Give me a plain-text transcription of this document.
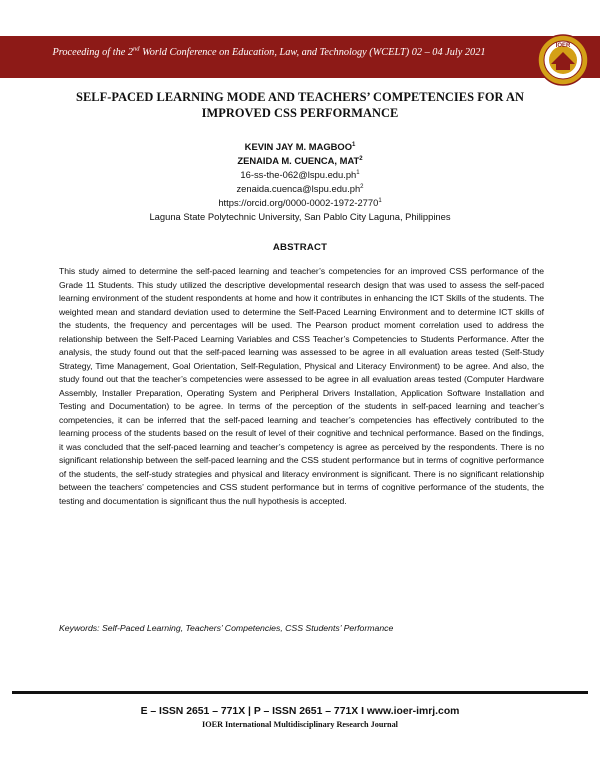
Proceeding of the 2nd World Conference on Education, Law, and Technology (WCELT) 02 – 04 July 2021
IOER
SELF-PACED LEARNING MODE AND TEACHERS’ COMPETENCIES FOR AN
IMPROVED CSS PERFORMANCE
KEVIN JAY M. MAGBOO$^1$
ZENAIDA M. CUENCA, MAT$^2$
$16-ss-the-062@lspu.edu.ph^1$
$zenaida.cuenca@lspu.edu.ph^2$
https://orcid.org/0000-0002-1972-2770$^1$
Laguna State Polytechnic University, San Pablo City Laguna, Philippines
ABSTRACT
This study aimed to determine the self-paced learning and teacher’s competencies for an improved CSS performance of the Grade 11 Students. This study utilized the descriptive developmental research design that was used to assess the self-paced learning environment of the student respondents at home and how it contributes in enhancing the ICT Skills of the students. The weighted mean and standard deviation used to determine the Self-Paced Learning Environment and to determine ICT skills of the students, the frequency and percentages will be used. The Pearson product moment correlation used to address the relationship between the Self-Paced Learning Variables and CSS Teacher’s Competencies to Students Performance. After the analysis, the study found out that the self-paced learning was assessed to be agree in all evaluation areas tested (Self-Study Strategy, Time Management, Goal Orientation, Self-Regulation, Physical and Literacy Environment) to be agree. And also, the study found out that the teacher’s competencies were assessed to be agree in all evaluation areas tested (Computer Hardware Assembly, Installer Preparation, Operating System and Peripheral Drivers Installation, Application Software Installation and Testing and Documentation) to be agree. In terms of the perception of the students in self-paced learning and teacher’s competencies, it can be inferred that the self-paced learning and teacher’s competencies has effectively contributed to the learning process of the students based on the result of level of their cognitive and technical performance. Based on the findings, it was concluded that the self-paced learning and teacher’s competency is agree as perceived by the respondents. There is no significant relationship between the self-paced learning and the CSS student performance but in terms of cognitive performance of the students, the self-study strategies and physical and literacy environment is significant. There is no significant relationship between the teachers’ competencies and CSS student performance but in terms of cognitive performance of the students, the testing and documentation is significant thus the null hypothesis is accepted.
Keywords: Self-Paced Learning, Teachers’ Competencies, CSS Students’ Performance
E – ISSN 2651 – 771X | P – ISSN 2651 – 771X I www.ioer-imrj.com
IOER International Multidisciplinary Research Journal
